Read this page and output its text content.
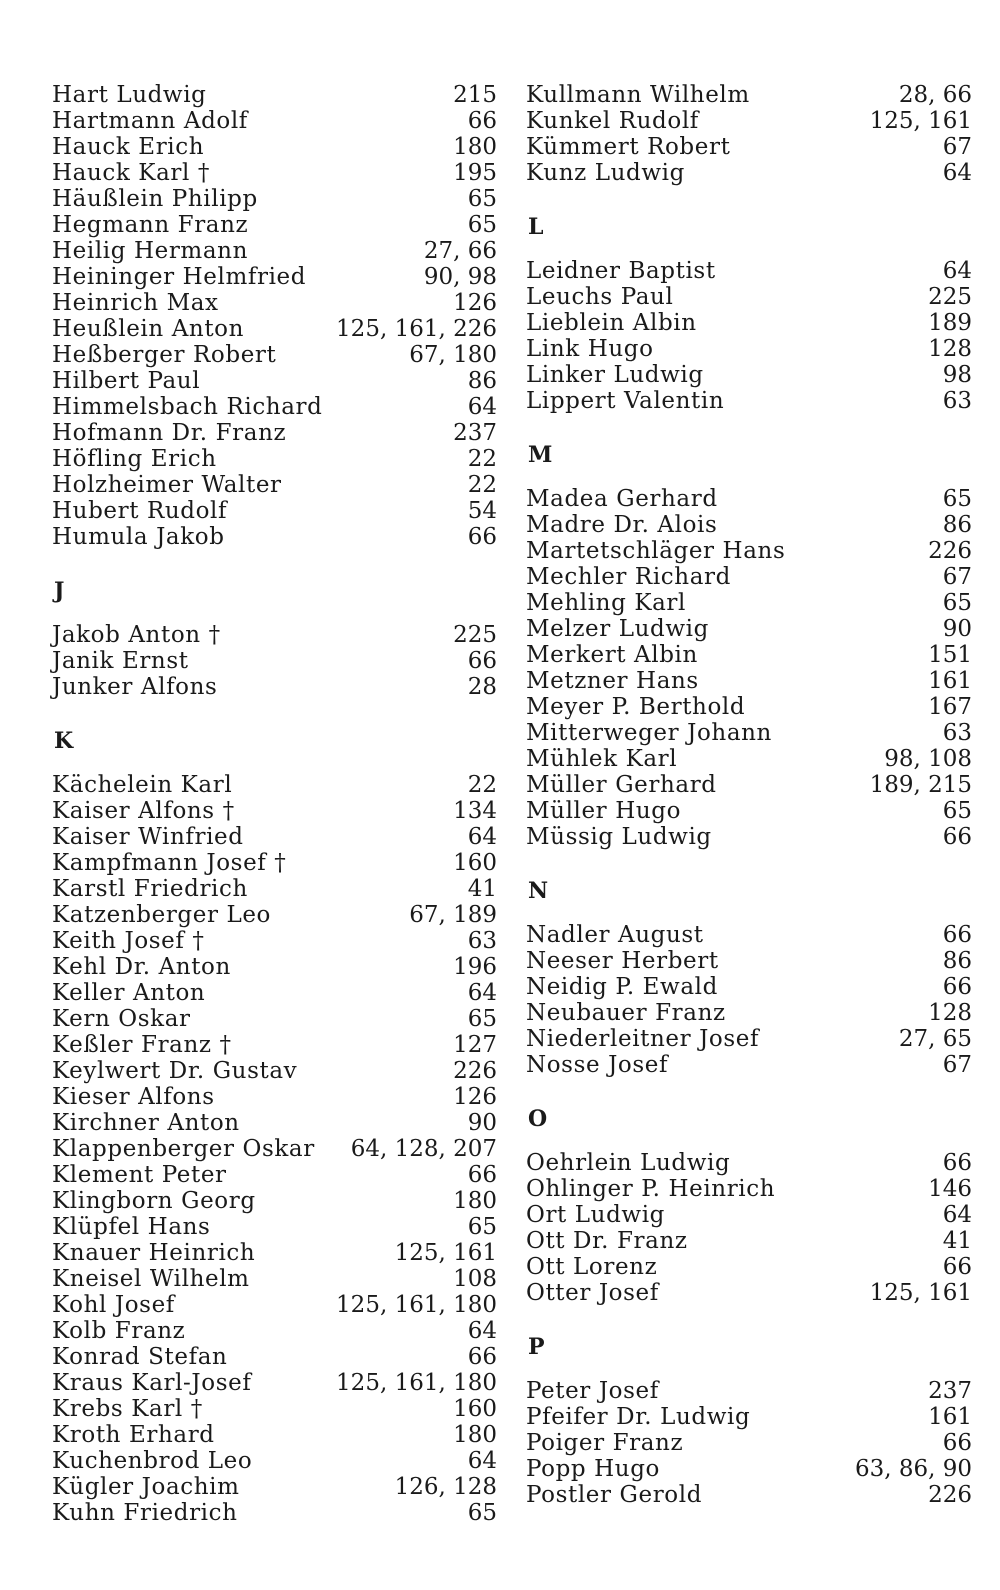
Hart Ludwig	215
Hartmann Adolf	66
Hauck Erich	180
Hauck Karl †	195
Häußlein Philipp	65
Hegmann Franz	65
Heilig Hermann	27, 66
Heininger Helmfried	90, 98
Heinrich Max	126
Heußlein Anton	125, 161, 226
Heßberger Robert	67, 180
Hilbert Paul	86
Himmelsbach Richard	64
Hofmann Dr. Franz	237
Höfling Erich	22
Holzheimer Walter	22
Hubert Rudolf	54
Humula Jakob	66
J
Jakob Anton †	225
Janik Ernst	66
Junker Alfons	28
K
Kächelein Karl	22
Kaiser Alfons †	134
Kaiser Winfried	64
Kampfmann Josef †	160
Karstl Friedrich	41
Katzenberger Leo	67, 189
Keith Josef †	63
Kehl Dr. Anton	196
Keller Anton	64
Kern Oskar	65
Keßler Franz †	127
Keylwert Dr. Gustav	226
Kieser Alfons	126
Kirchner Anton	90
Klappenberger Oskar 64, 128, 207
Klement Peter	66
Klingborn Georg	180
Klüpfel Hans	65
Knauer Heinrich	125, 161
Kneisel Wilhelm	108
Kohl Josef	125, 161, 180
Kolb Franz	64
Konrad Stefan	66
Kraus Karl-Josef	125, 161, 180
Krebs Karl †	160
Kroth Erhard	180
Kuchenbrod Leo	64
Kügler Joachim	126, 128
Kuhn Friedrich	65
Kullmann Wilhelm	28, 66
Kunkel Rudolf	125, 161
Kümmert Robert	67
Kunz Ludwig	64
L
Leidner Baptist	64
Leuchs Paul	225
Lieblein Albin	189
Link Hugo	128
Linker Ludwig	98
Lippert Valentin	63
M
Madea Gerhard	65
Madre Dr. Alois	86
Martetschläger Hans	226
Mechler Richard	67
Mehling Karl	65
Melzer Ludwig	90
Merkert Albin	151
Metzner Hans	161
Meyer P. Berthold	167
Mitterweger Johann	63
Mühlek Karl	98, 108
Müller Gerhard	189, 215
Müller Hugo	65
Müssig Ludwig	66
N
Nadler August	66
Neeser Herbert	86
Neidig P. Ewald	66
Neubauer Franz	128
Niederleitner Josef	27, 65
Nosse Josef	67
O
Oehrlein Ludwig	66
Ohlinger P. Heinrich	146
Ort Ludwig	64
Ott Dr. Franz	41
Ott Lorenz	66
Otter Josef	125, 161
P
Peter Josef	237
Pfeifer Dr. Ludwig	161
Poiger Franz	66
Popp Hugo	63, 86, 90
Postler Gerold	226
